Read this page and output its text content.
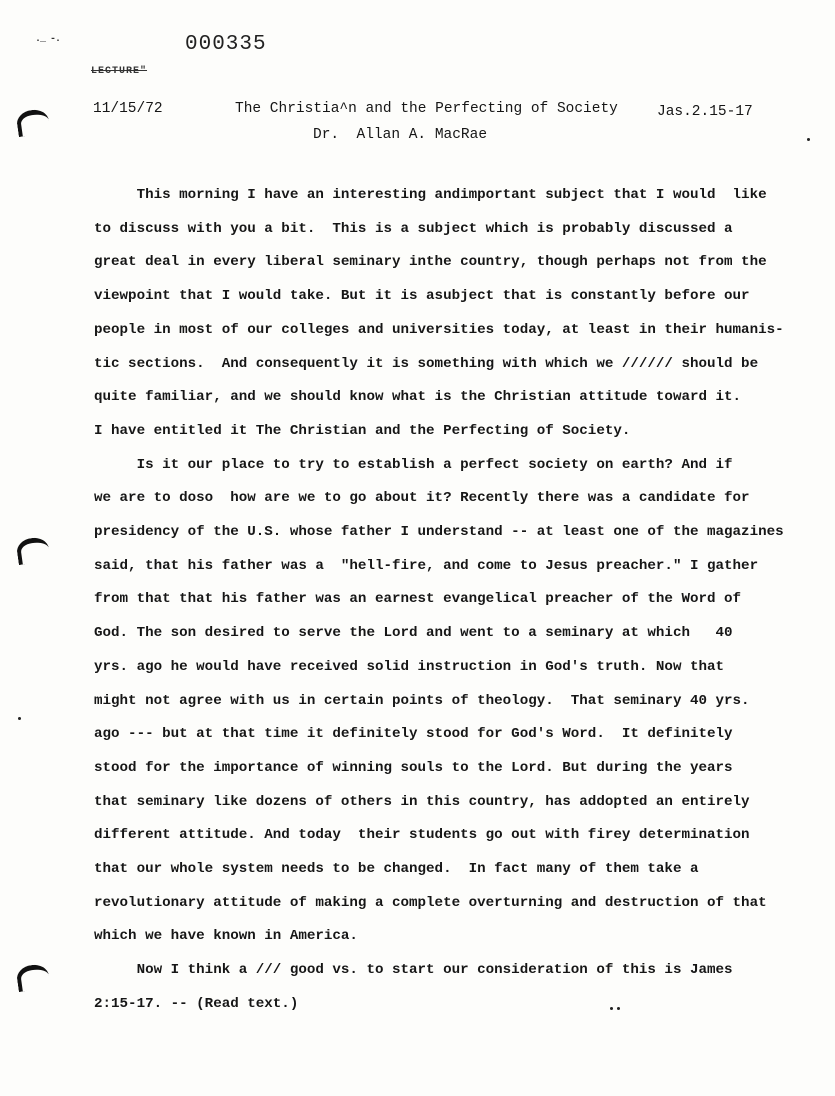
._ -.	000335
LECTURE"
11/15/72	The Christia^n and the Perfecting of Society	Jas.2.15-17
Dr.  Allan A. MacRae
This morning I have an interesting andimportant subject that I would  like
to discuss with you a bit.  This is a subject which is probably discussed a
great deal in every liberal seminary inthe country, though perhaps not from the
viewpoint that I would take. But it is asubject that is constantly before our
people in most of our colleges and universities today, at least in their humanis-
tic sections.  And consequently it is something with which we ////// should be
quite familiar, and we should know what is the Christian attitude toward it.
I have entitled it The Christian and the Perfecting of Society.
Is it our place to try to establish a perfect society on earth? And if
we are to doso  how are we to go about it? Recently there was a candidate for
presidency of the U.S. whose father I understand -- at least one of the magazines
said, that his father was a  "hell-fire, and come to Jesus preacher." I gather
from that that his father was an earnest evangelical preacher of the Word of
God. The son desired to serve the Lord and went to a seminary at which   40
yrs. ago he would have received solid instruction in God's truth. Now that
might not agree with us in certain points of theology.  That seminary 40 yrs.
ago --- but at that time it definitely stood for God's Word.  It definitely
stood for the importance of winning souls to the Lord. But during the years
that seminary like dozens of others in this country, has addopted an entirely
different attitude. And today  their students go out with firey determination
that our whole system needs to be changed.  In fact many of them take a
revolutionary attitude of making a complete overturning and destruction of that
which we have known in America.
Now I think a /// good vs. to start our consideration of this is James
2:15-17. -- (Read text.)
